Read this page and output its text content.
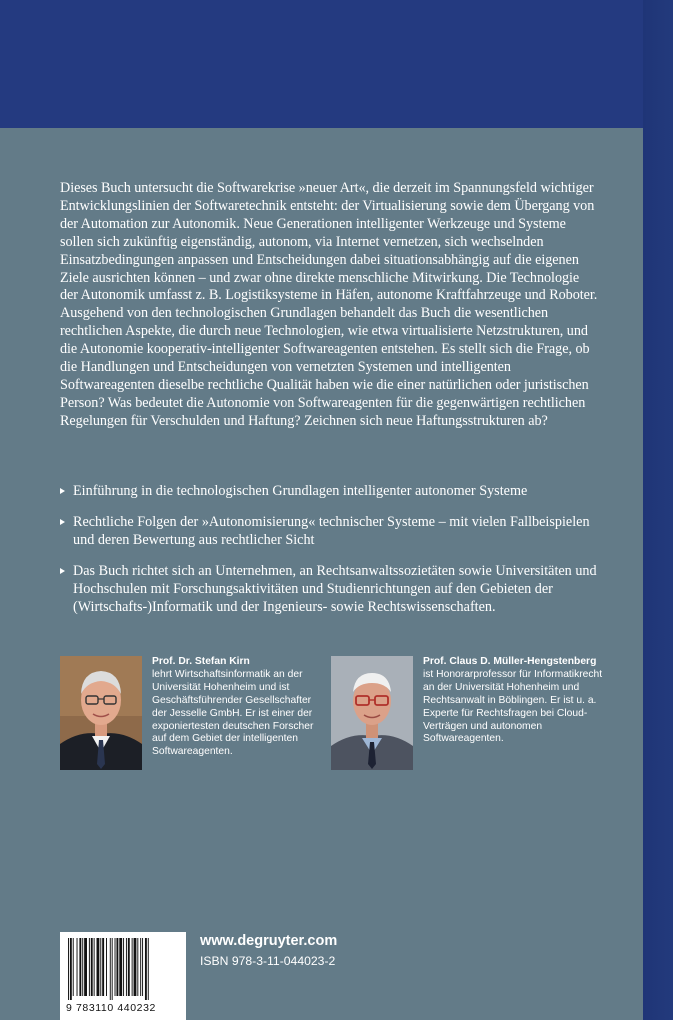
Dieses Buch untersucht die Softwarekrise »neuer Art«, die derzeit im Spannungsfeld wichtiger Entwicklungslinien der Softwaretechnik entsteht: der Virtualisierung sowie dem Übergang von der Automation zur Autonomik. Neue Generationen intelligenter Werkzeuge und Systeme sollen sich zukünftig eigenständig, autonom, via Internet vernetzen, sich wechselnden Einsatzbedingungen anpassen und Entscheidungen dabei situationsabhängig auf die eigenen Ziele ausrichten können – und zwar ohne direkte menschliche Mitwirkung. Die Technologie der Autonomik umfasst z. B. Logistiksysteme in Häfen, autonome Kraftfahrzeuge und Roboter. Ausgehend von den technologischen Grundlagen behandelt das Buch die wesentlichen rechtlichen Aspekte, die durch neue Technologien, wie etwa virtualisierte Netzstrukturen, und die Autonomie kooperativ-intelligenter Softwareagenten entstehen. Es stellt sich die Frage, ob die Handlungen und Entscheidungen von vernetzten Systemen und intelligenten Softwareagenten dieselbe rechtliche Qualität haben wie die einer natürlichen oder juristischen Person? Was bedeutet die Autonomie von Softwareagenten für die gegenwärtigen rechtlichen Regelungen für Verschulden und Haftung? Zeichnen sich neue Haftungsstrukturen ab?

Einführung in die technologischen Grundlagen intelligenter autonomer Systeme
Rechtliche Folgen der »Autonomisierung« technischer Systeme – mit vielen Fallbeispielen und deren Bewertung aus rechtlicher Sicht
Das Buch richtet sich an Unternehmen, an Rechtsanwaltssozietäten sowie Universitäten und Hochschulen mit Forschungsaktivitäten und Studienrichtungen auf den Gebieten der (Wirtschafts-)Informatik und der Ingenieurs- sowie Rechtswissenschaften.
Prof. Dr. Stefan Kirn
lehrt Wirtschaftsinformatik an der Universität Hohenheim und ist Geschäftsführender Gesellschafter der Jesselle GmbH. Er ist einer der exponiertesten deutschen Forscher auf dem Gebiet der intelligenten Softwareagenten.
Prof. Claus D. Müller-Hengstenberg
ist Honorarprofessor für Informatikrecht an der Universität Hohenheim und Rechtsanwalt in Böblingen. Er ist u. a. Experte für Rechtsfragen bei Cloud-Verträgen und autonomen Softwareagenten.
9 783110 440232
www.degruyter.com
ISBN 978-3-11-044023-2
